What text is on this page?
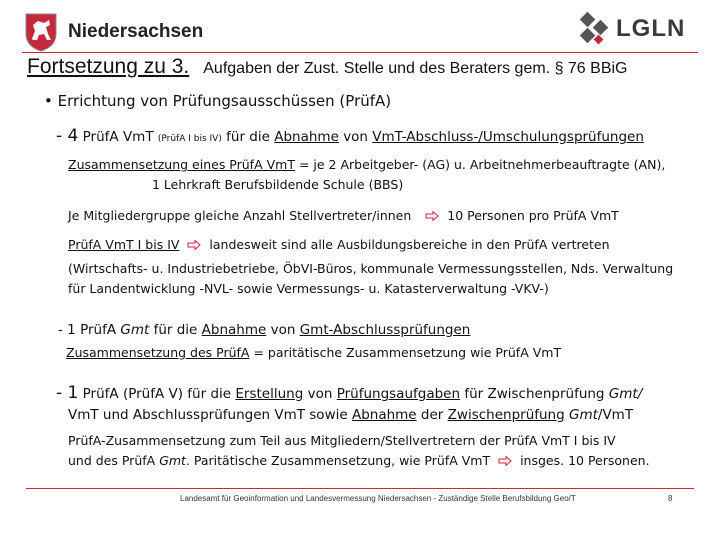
Niedersachsen	LGLN
Fortsetzung zu 3. Aufgaben der Zust. Stelle und des Beraters gem. § 76 BBiG
• Errichtung von Prüfungsausschüssen (PrüfA)
- 4 PrüfA VmT (PrüfA I bis IV) für die Abnahme von VmT-Abschluss-/Umschulungsprüfungen
Zusammensetzung eines PrüfA VmT = je 2 Arbeitgeber- (AG) u. Arbeitnehmerbeauftragte (AN),
1 Lehrkraft Berufsbildende Schule (BBS)
Je Mitgliedergruppe gleiche Anzahl Stellvertreter/innen	10 Personen pro PrüfA VmT
PrüfA VmT I bis IV landesweit sind alle Ausbildungsbereiche in den PrüfA vertreten
(Wirtschafts- u. Industriebetriebe, ÖbVI-Büros, kommunale Vermessungsstellen, Nds. Verwaltung
für Landentwicklung -NVL- sowie Vermessungs- u. Katasterverwaltung -VKV-)
- 1 PrüfA Gmt für die Abnahme von Gmt-Abschlussprüfungen
Zusammensetzung des PrüfA = paritätische Zusammensetzung wie PrüfA VmT
- 1 PrüfA (PrüfA V) für die Erstellung von Prüfungsaufgaben für Zwischenprüfung Gmt/
VmT und Abschlussprüfungen VmT sowie Abnahme der Zwischenprüfung Gmt/VmT
PrüfA-Zusammensetzung zum Teil aus Mitgliedern/Stellvertretern der PrüfA VmT I bis IV
und des PrüfA Gmt. Paritätische Zusammensetzung, wie PrüfA VmT insges. 10 Personen.
Landesamt für Geoinformation und Landesvermessung Niedersachsen - Zuständige Stelle Berufsbildung Geo/T	8
